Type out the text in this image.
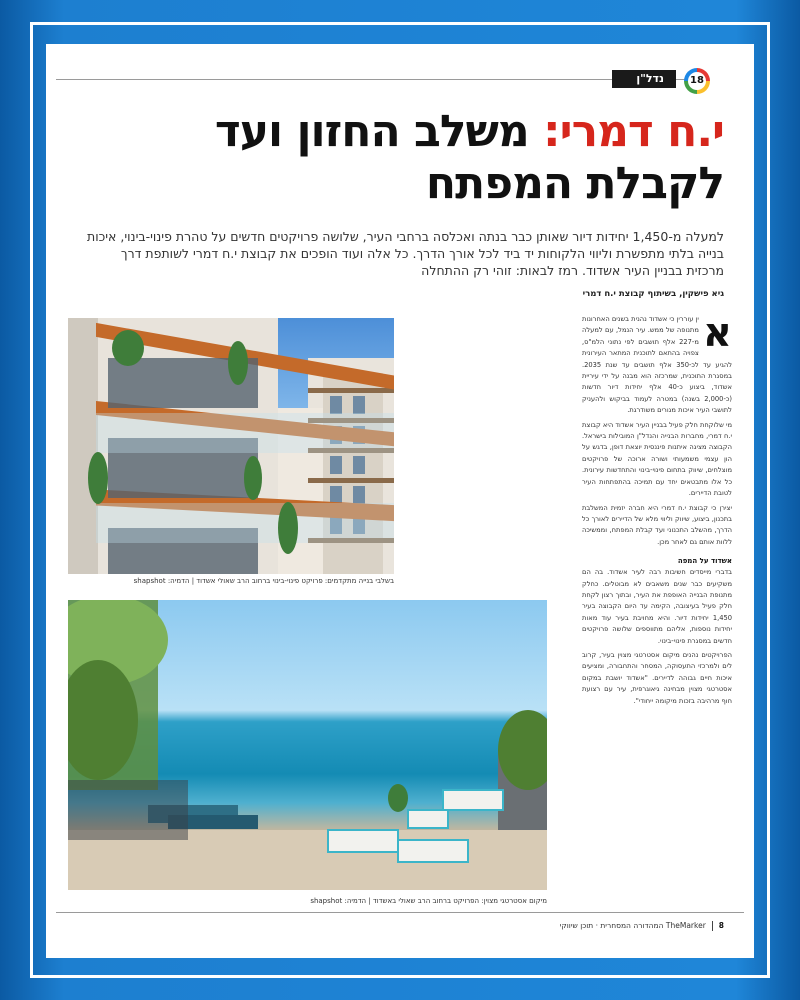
נדל"ן	18
י.ח דמרי: משלב החזון ועד לקבלת המפתח

למעלה מ-1,450 יחידות דיור שאותן כבר בנתה ואכלסה ברחבי העיר, שלושה פרויקטים חדשים על טהרת פינוי-בינוי, איכות בנייה בלתי מתפשרת וליווי הלקוחות יד ביד לכל אורך הדרך. כל אלה ועוד הופכים את קבוצת י.ח דמרי לשותפת דרך מרכזית בבניין העיר אשדוד. רמז לבאות: זוהי רק ההתחלה

גיא פישקין, בשיתוף קבוצת י.ח דמרי

בשלבי בנייה מתקדמים: פרויקט פינוי-בינוי ברחוב הרב שאולי אשדוד | הדמיה: shapshot
מיקום אסטרטגי מצוין: הפרויקט ברחוב הרב שאולי באשדוד | הדמיה: shapshot
א

ין עוררין כי אשדוד נהנית בשנים האחרונות מתנופה של ממש. עיר הנמל, עם למעלה מ-227 אלף תושבים לפי נתוני הלמ"ס, צפויה בהתאם לתוכנית המתאר העירונית להגיע עד לכ-350 אלף תושבים עד שנת 2035. במסגרת התוכנית, שמרכזה הוא מבנה על ידי עיריית אשדוד, ביצוע כ-40 אלף יחידות דיור חדשות (כ-2,000 בשנה) במטרה לעמוד בביקוש ולהעניק לתושבי העיר איכות מגורים משודרגת.

מי שלוקחת חלק פעיל בבניין העיר אשדוד היא קבוצת י.ח דמרי, מחברות הבנייה והנדל"ן המובילות בישראל. הקבוצה מציגה איתנות פיננסית יוצאת דופן, בדגש על הון עצמי משמעותי ושורה ארוכה של פרויקטים מוצלחים, שיווק בתחום פינוי-בינוי והתחדשות עירונית. כל אלו מתבטאים יחד עם תמיכה בהתפתחות העיר לטובת הדיירים.

יצירן כי קבוצת י.ח דמרי היא חברה יזמית המשלבת בתכנון, ביצוע, שיווק וליווי מלא של הדיירים לאורך כל הדרך, מהשלב התכנוני ועד קבלת המפתח, וממשיכה ללוות אותם גם לאחר מכן.

אשדוד על המפה

בדברי מייסדים חשיבות רבה לעיר אשדוד. בה הם משקיעים כבר שנים משאבים לא מבוטלים. כחלק מתנופת הבנייה האופפת את העיר, ובתוך רצון לקחת חלק פעיל בעיצובה, הקימה עד היום הקבוצה בעיר 1,450 יחידות דיור. והיא מחויבת בעיר עוד מאות יחידות נוספות, אליהם מתווספים שלושה פרויקטים חדשים במסגרת פינוי-בינוי.

הפרויקטים נהנים מיקום אסטרטגי מצוין בעיר, קרוב לים ולמרכזי התעסוקה, המסחר והתחבורה, ומציעים איכות חיים גבוהה לדיירים. "אשדוד יושבת במקום אסטרטגי מצוין מבחינה גיאוגרפית, עיר עם רצועת חוף מרהיבה בזכות מיקומה ייחודי".

8TheMarker המהדורה המסחרית · תוכן שיווקי
